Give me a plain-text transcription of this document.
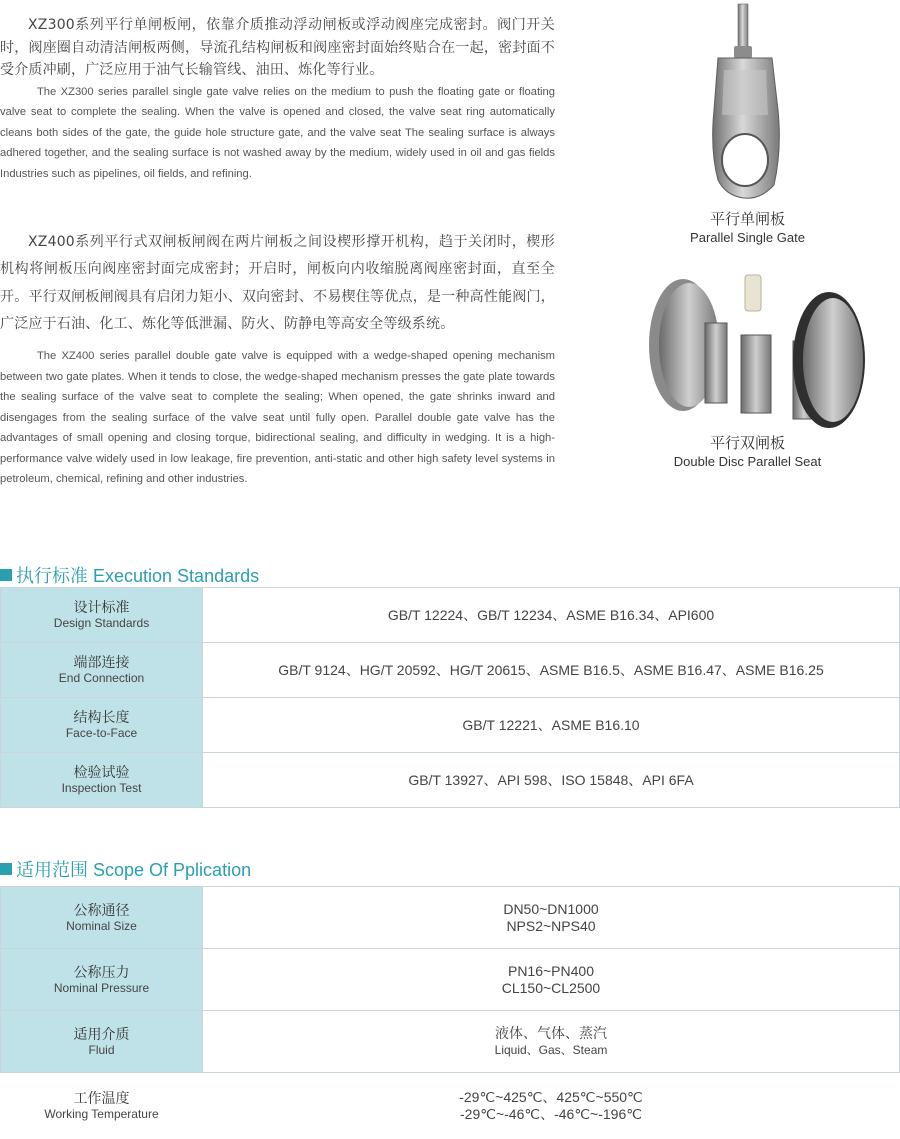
XZ300系列平行单闸板闸，依靠介质推动浮动闸板或浮动阀座完成密封。阀门开关时，阀座圈自动清洁闸板两侧，导流孔结构闸板和阀座密封面始终贴合在一起，密封面不受介质冲刷，广泛应用于油气长输管线、油田、炼化等行业。

The XZ300 series parallel single gate valve relies on the medium to push the floating gate or floating valve seat to complete the sealing. When the valve is opened and closed, the valve seat ring automatically cleans both sides of the gate, the guide hole structure gate, and the valve seat The sealing surface is always adhered together, and the sealing surface is not washed away by the medium, widely used in oil and gas fields Industries such as pipelines, oil fields, and refining.

XZ400系列平行式双闸板闸阀在两片闸板之间设楔形撑开机构，趋于关闭时，楔形机构将闸板压向阀座密封面完成密封；开启时，闸板向内收缩脱离阀座密封面，直至全开。平行双闸板闸阀具有启闭力矩小、双向密封、不易楔住等优点，是一种高性能阀门，广泛应于石油、化工、炼化等低泄漏、防火、防静电等高安全等级系统。

The XZ400 series parallel double gate valve is equipped with a wedge-shaped opening mechanism between two gate plates. When it tends to close, the wedge-shaped mechanism presses the gate plate towards the sealing surface of the valve seat to complete the sealing; When opened, the gate shrinks inward and disengages from the sealing surface of the valve seat until fully open. Parallel double gate valve has the advantages of small opening and closing torque, bidirectional sealing, and difficulty in wedging. It is a high-performance valve widely used in low leakage, fire prevention, anti-static and other high safety level systems in petroleum, chemical, refining and other industries.

平行单闸板
Parallel Single Gate
平行双闸板
Double Disc Parallel Seat
执行标准 Execution Standards
设计标准
Design Standards	GB/T 12224、GB/T 12234、ASME B16.34、API600

端部连接
End Connection	GB/T 9124、HG/T 20592、HG/T 20615、ASME B16.5、ASME B16.47、ASME B16.25

结构长度
Face-to-Face	GB/T 12221、ASME B16.10

检验试验
Inspection Test	GB/T 13927、API 598、ISO 15848、API 6FA
适用范围 Scope Of Pplication
公称通径
Nominal Size	DN50~DN1000
NPS2~NPS40

公称压力
Nominal Pressure	PN16~PN400
CL150~CL2500

适用介质
Fluid	液体、气体、蒸汽
Liquid、Gas、Steam

工作温度
Working Temperature	-29℃~425℃、425℃~550℃
-29℃~-46℃、-46℃~-196℃
